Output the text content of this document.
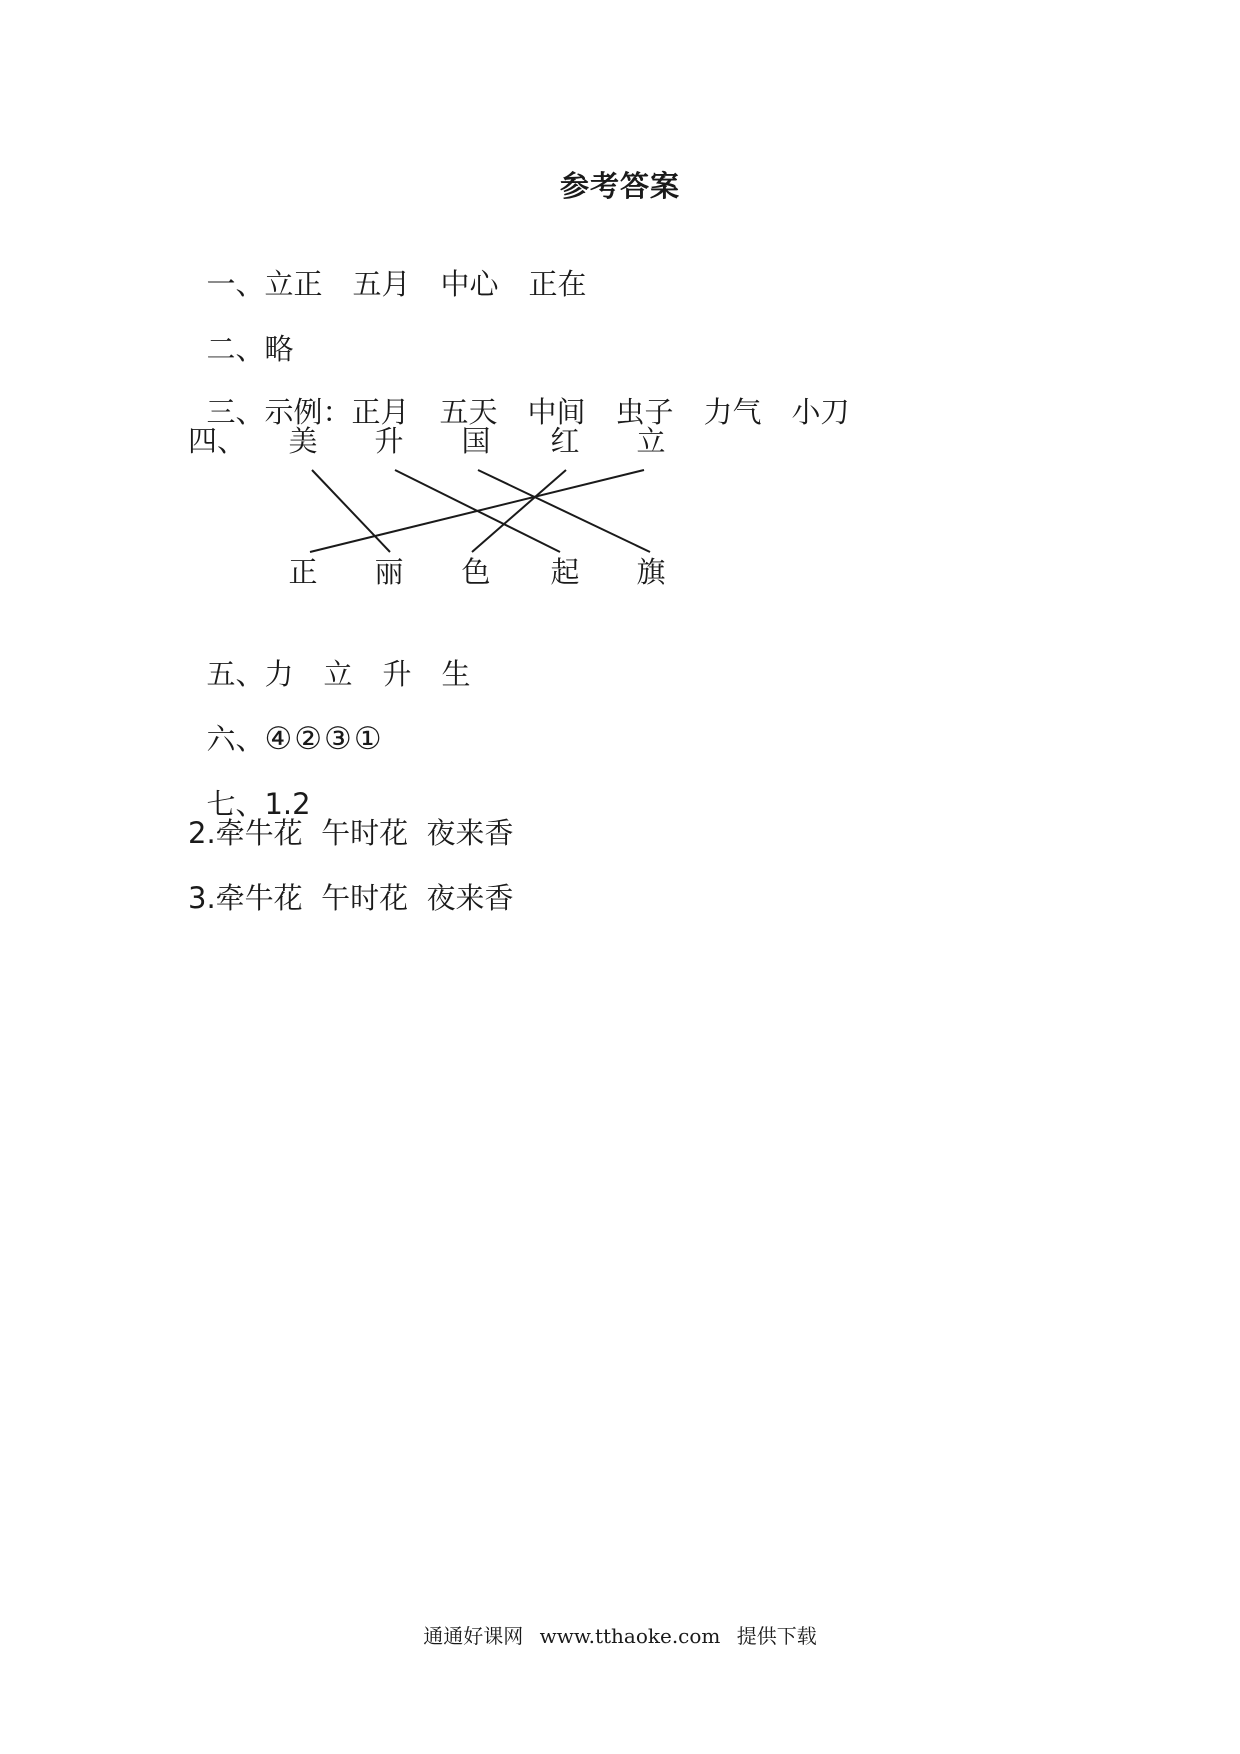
参考答案

一、立正 五月 中心 正在

二、略

三、示例：正月 五天 中间 虫子 力气 小刀

四、 美 升 国 红 立
正 丽 色 起 旗

五、力 立 升 生

六、④②③①

七、1.2

2.牵牛花  午时花  夜来香
3.牵牛花  午时花  夜来香
通通好课网 www.tthaoke.com 提供下载
